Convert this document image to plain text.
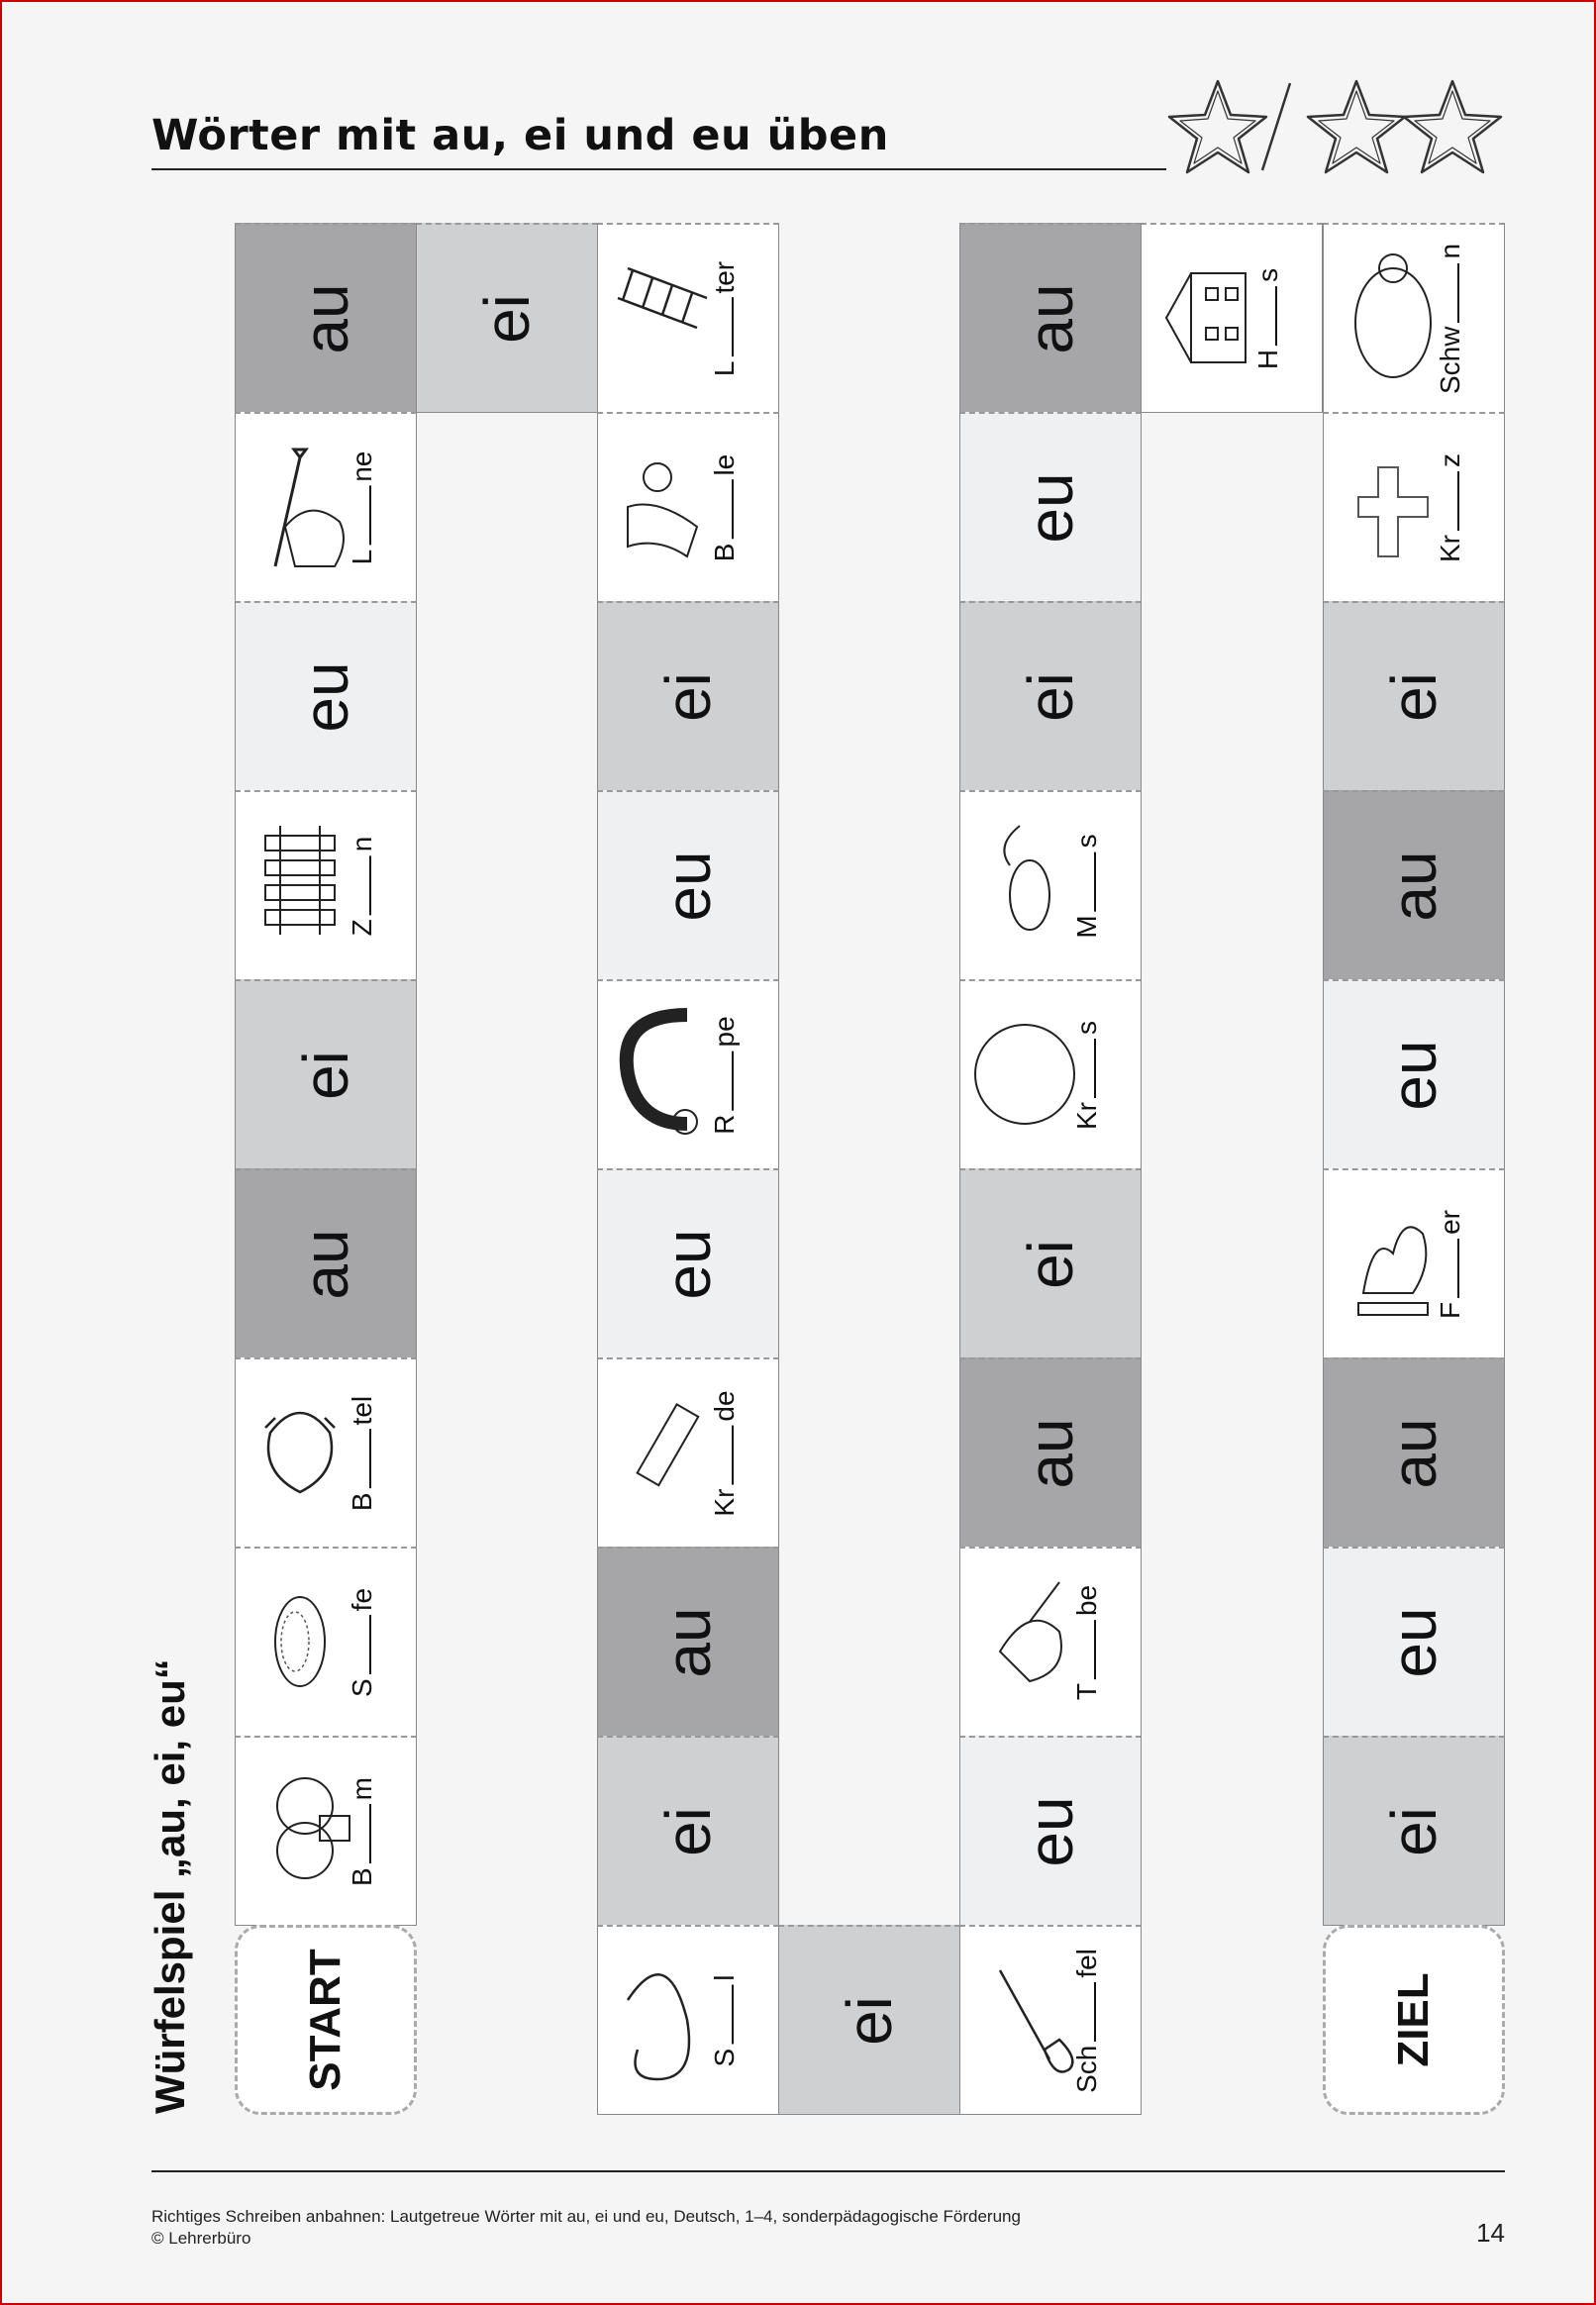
Wörter mit au, ei und eu üben
Würfelspiel „au, ei, eu“
au
Lne
eu
Zn
ei
au
Btel
Sfe
Bm
ei
Lter
Ble
ei
eu
Rpe
eu
Krde
au
ei
Sl
ei
au
eu
ei
Ms
Krs
ei
au
Tbe
eu
Schfel
Hs
Schwn
Krz
ei
au
eu
Fer
au
eu
ei
START	ZIEL
Richtiges Schreiben anbahnen: Lautgetreue Wörter mit au, ei und eu, Deutsch, 1–4, sonderpädagogische Förderung
© Lehrerbüro	14
